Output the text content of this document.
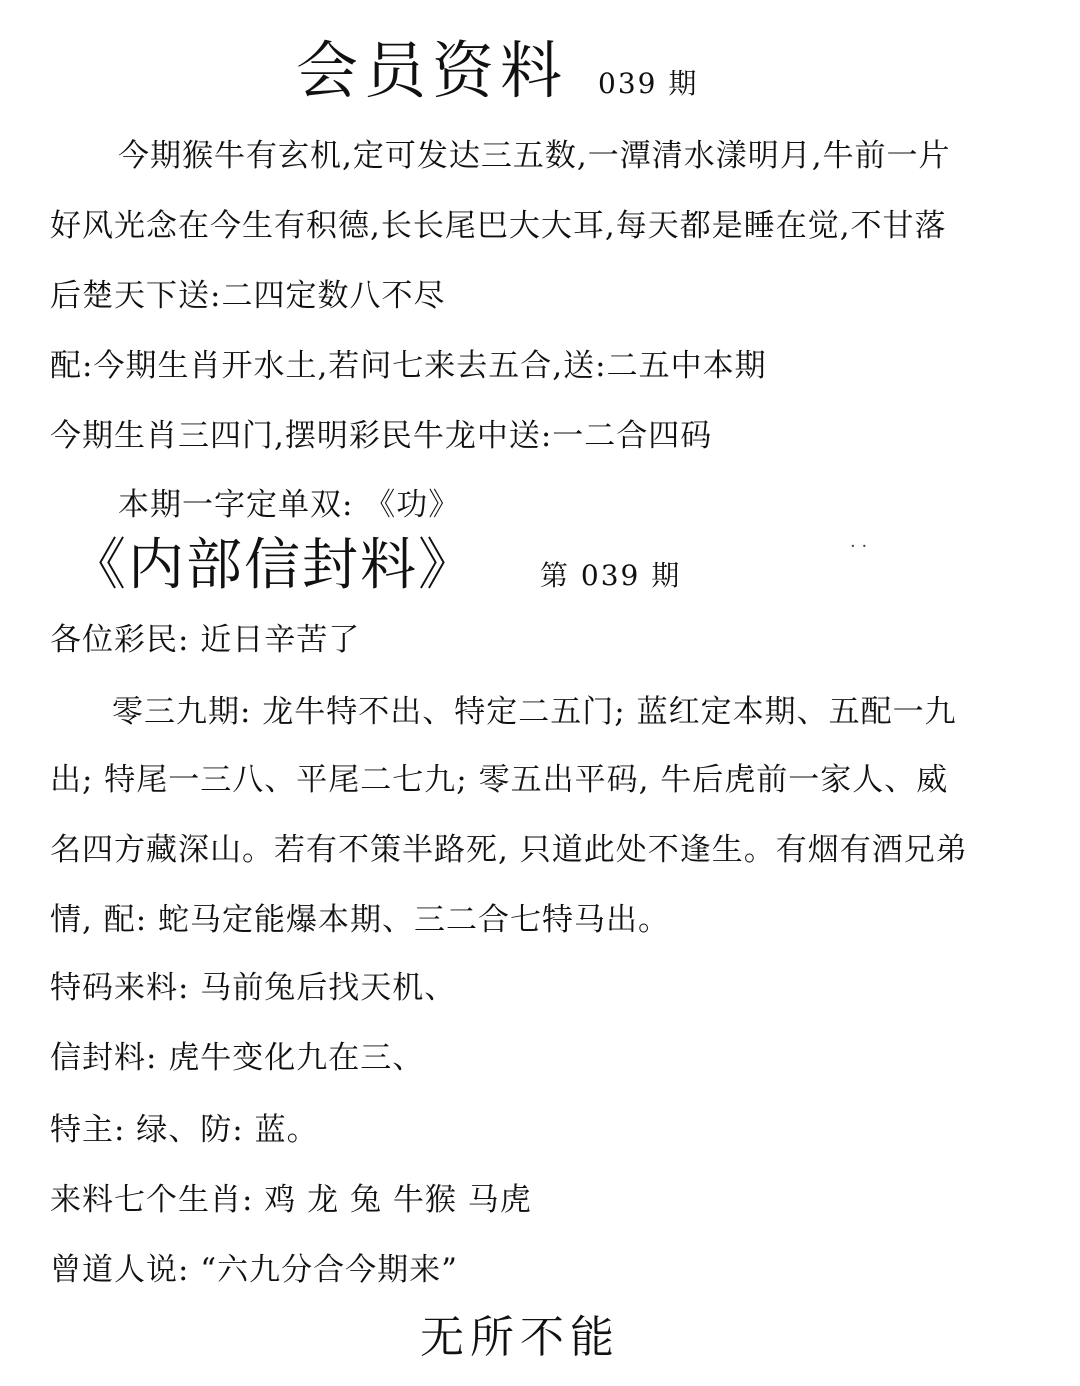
会员资料 039 期
今期猴牛有玄机,定可发达三五数,一潭清水漾明月,牛前一片
好风光念在今生有积德,长长尾巴大大耳,每天都是睡在觉,不甘落
后楚天下送:二四定数八不尽
配:今期生肖开水土,若问七来去五合,送:二五中本期
今期生肖三四门,摆明彩民牛龙中送:一二合四码
本期一字定单双: 《功》
《内部信封料》 第 039 期
· ·
各位彩民: 近日辛苦了
零三九期: 龙牛特不出、特定二五门; 蓝红定本期、五配一九
出; 特尾一三八、平尾二七九; 零五出平码, 牛后虎前一家人、威
名四方藏深山。若有不策半路死, 只道此处不逢生。有烟有酒兄弟
情, 配: 蛇马定能爆本期、三二合七特马出。
特码来料: 马前兔后找天机、
信封料: 虎牛变化九在三、
特主: 绿、防: 蓝。
来料七个生肖: 鸡 龙 兔 牛猴 马虎
曾道人说: “六九分合今期来”
无所不能
